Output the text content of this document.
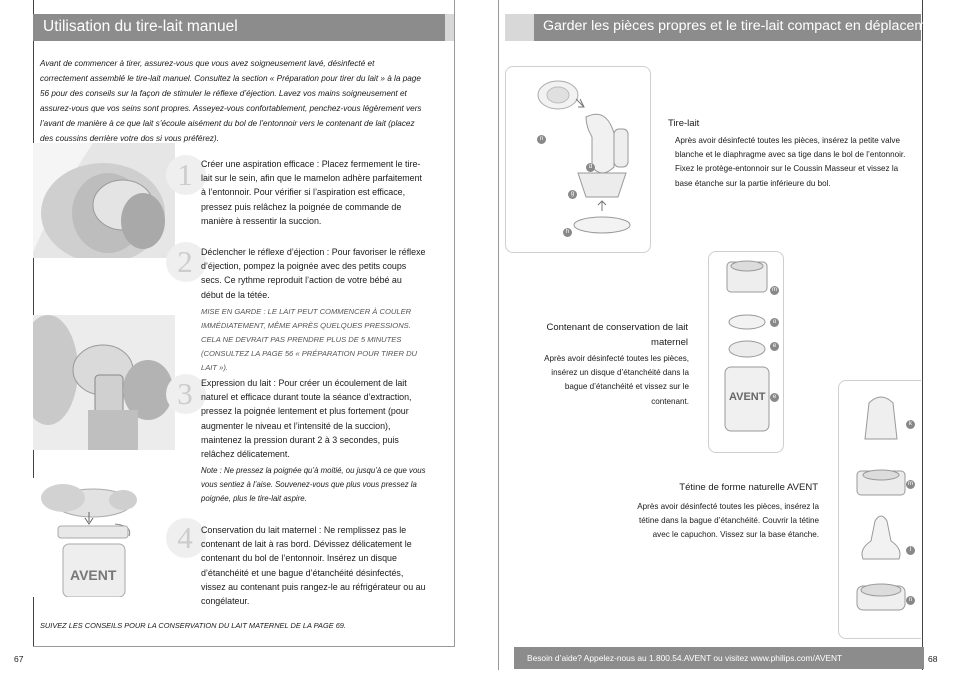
Utilisation du tire-lait manuel
Avant de commencer à tirer, assurez-vous que vous avez soigneusement lavé, désinfecté et correctement assemblé le tire-lait manuel. Consultez la section « Préparation pour tirer du lait » à la page 56 pour des conseils sur la façon de stimuler le réflexe d’éjection. Lavez vos mains soigneusement et assurez-vous que vos seins sont propres. Asseyez-vous confortablement, penchez-vous légèrement vers l’avant de manière à ce que lait s’écoule aisément du bol de l’entonnoir vers le contenant de lait (placez des coussins derrière votre dos si vous préférez).
AVENT
1
2
3
4
Créer une aspiration efficace : Placez fermement le tire-lait sur le sein, afin que le mamelon adhère parfaitement à l’entonnoir. Pour vérifier si l’aspiration est efficace, pressez puis relâchez la poignée de commande de manière à ressentir la succion.
Déclencher le réflexe d’éjection : Pour favoriser le réflexe d’éjection, pompez la poignée avec des petits coups secs. Ce rythme reproduit l’action de votre bébé au début de la tétée.
MISE EN GARDE : LE LAIT PEUT COMMENCER À COULER IMMÉDIATEMENT, MÊME APRÈS QUELQUES PRESSIONS. CELA NE DEVRAIT PAS PRENDRE PLUS DE 5 MINUTES (CONSULTEZ LA PAGE 56 « PRÉPARATION POUR TIRER DU LAIT »).
Expression du lait : Pour créer un écoulement de lait naturel et efficace durant toute la séance d’extraction, pressez la poignée lentement et plus fortement (pour augmenter le niveau et l’intensité de la succion), maintenez la pression durant 2 à 3 secondes, puis relâchez délicatement.
Note : Ne pressez la poignée qu’à moitié, ou jusqu’à ce que vous vous sentiez à l’aise. Souvenez-vous que plus vous pressez la poignée, plus le tire-lait aspire.
Conservation du lait maternel : Ne remplissez pas le contenant de lait à ras bord. Dévissez délicatement le contenant du bol de l’entonnoir. Insérez un disque d’étanchéité et une bague d’étanchéité désinfectés, vissez au contenant puis rangez-le au réfrigérateur ou au congélateur.
SUIVEZ LES CONSEILS POUR LA CONSERVATION DU LAIT MATERNEL DE LA PAGE 69.
67
Garder les pièces propres et le tire-lait compact en déplacement
n
d
g
h
Tire-lait
Après avoir désinfecté toutes les pièces, insérez la petite valve blanche et le diaphragme avec sa tige dans le bol de l’entonnoir. Fixez le protège-entonnoir sur le Coussin Masseur et vissez la base étanche sur la partie inférieure du bol.
Contenant de conservation de lait maternel
Après avoir désinfecté toutes les pièces, insérez un disque d’étanchéité dans la bague d’étanchéité et vissez sur le contenant.	AVENT
m
o
e
e
Tétine de forme naturelle AVENT
Après avoir désinfecté toutes les pièces, insérez la tétine dans la bague d’étanchéité. Couvrir la tétine avec le capuchon. Vissez sur la base étanche.
k
m
l
n
Besoin d’aide? Appelez-nous au 1.800.54.AVENT ou visitez www.philips.com/AVENT	68
